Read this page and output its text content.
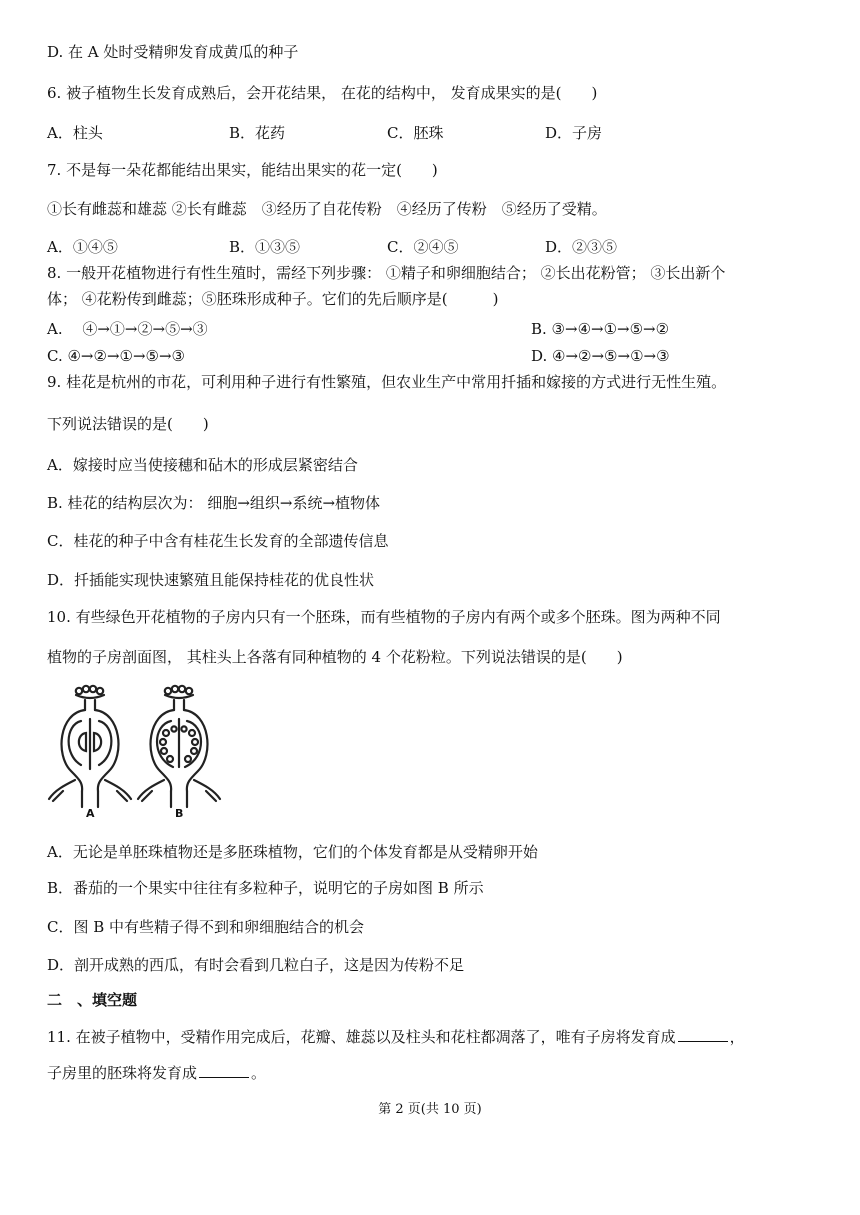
D. 在 A 处时受精卵发育成黄瓜的种子
6. 被子植物生长发育成熟后，会开花结果， 在花的结构中， 发育成果实的是(　　)
A．柱头	B．花药	C．胚珠	D．子房
7. 不是每一朵花都能结出果实，能结出果实的花一定(　　)
①长有雌蕊和雄蕊 ②长有雌蕊　③经历了自花传粉　④经历了传粉　⑤经历了受精。
A．①④⑤	B．①③⑤	C．②④⑤	D．②③⑤
8. 一般开花植物进行有性生殖时，需经下列步骤： ①精子和卵细胞结合； ②长出花粉管； ③长出新个
体； ④花粉传到雌蕊；⑤胚珠形成种子。它们的先后顺序是(　　　)
A.　 ④→①→②→⑤→③	B. ③→④→①→⑤→②
C. ④→②→①→⑤→③	D. ④→②→⑤→①→③
9. 桂花是杭州的市花，可利用种子进行有性繁殖，但农业生产中常用扦插和嫁接的方式进行无性生殖。
下列说法错误的是(　　)
A．嫁接时应当使接穗和砧木的形成层紧密结合
B. 桂花的结构层次为： 细胞→组织→系统→植物体
C．桂花的种子中含有桂花生长发育的全部遗传信息
D．扦插能实现快速繁殖且能保持桂花的优良性状
10. 有些绿色开花植物的子房内只有一个胚珠，而有些植物的子房内有两个或多个胚珠。图为两种不同
植物的子房剖面图， 其柱头上各落有同种植物的 4 个花粉粒。下列说法错误的是(　　)
A	B
A．无论是单胚珠植物还是多胚珠植物，它们的个体发育都是从受精卵开始
B．番茄的一个果实中往往有多粒种子，说明它的子房如图 B 所示
C．图 B 中有些精子得不到和卵细胞结合的机会
D．剖开成熟的西瓜，有时会看到几粒白子，这是因为传粉不足
二　、填空题
11. 在被子植物中，受精作用完成后，花瓣、雄蕊以及柱头和花柱都凋落了，唯有子房将发育成	，
子房里的胚珠将发育成	。
第 2 页(共 10 页)
